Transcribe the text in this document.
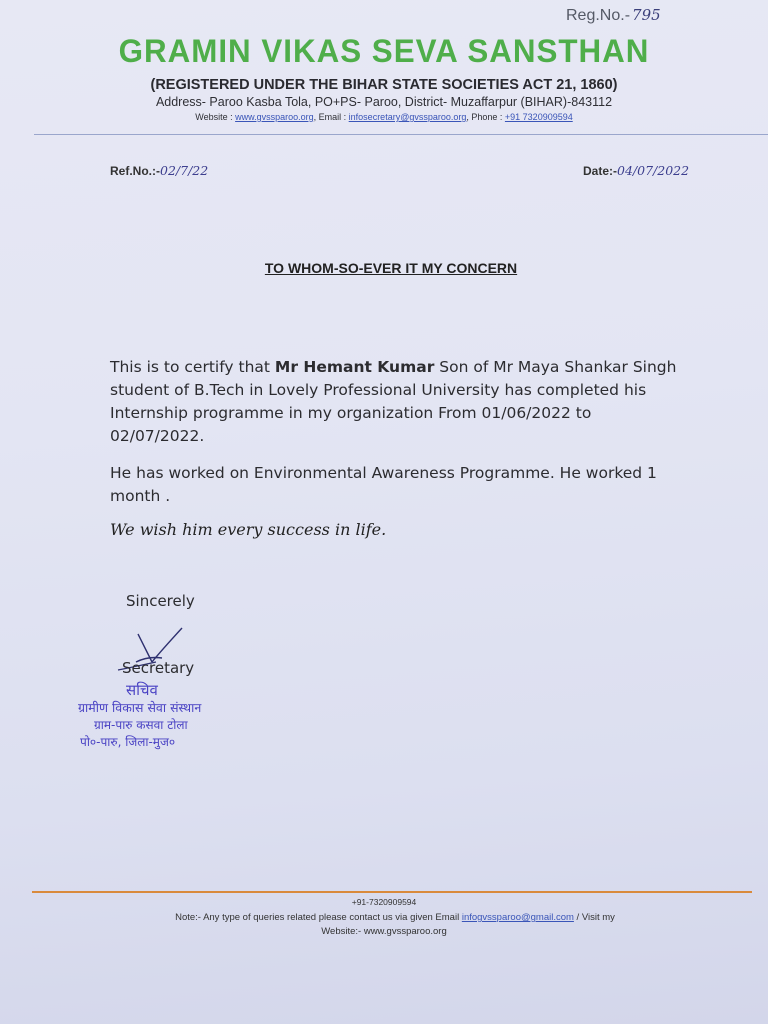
Reg.No.- 795
GRAMIN VIKAS SEVA SANSTHAN
(REGISTERED UNDER THE BIHAR STATE SOCIETIES ACT 21, 1860)
Address- Paroo Kasba Tola, PO+PS- Paroo, District- Muzaffarpur (BIHAR)-843112
Website : www.gvssparoo.org, Email : infosecretary@gvssparoo.org, Phone : +91 7320909594
Ref.No.:-02/7/22	Date:-04/07/2022
TO WHOM-SO-EVER IT MY CONCERN
This is to certify that Mr Hemant Kumar Son of Mr Maya Shankar Singh student of B.Tech in Lovely Professional University has completed his Internship programme in my organization From 01/06/2022 to 02/07/2022.
He has worked on Environmental Awareness Programme. He worked 1 month .
We wish him every success in life.
Sincerely
Secretary
सचिव
ग्रामीण विकास सेवा संस्थान
ग्राम-पारु कसवा टोला
पो०-पारु, जिला-मुज०
+91-7320909594
Note:- Any type of queries related please contact us via given Email infogvssparoo@gmail.com / Visit my
Website:- www.gvssparoo.org
